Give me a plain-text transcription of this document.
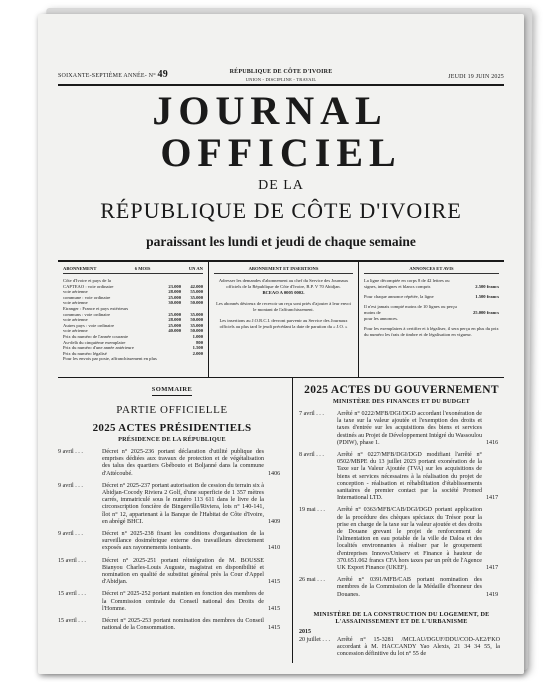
SOIXANTE-SEPTIÈME ANNÉE- N° 49	RÉPUBLIQUE DE CÔTE D'IVOIRE
UNION - DISCIPLINE - TRAVAIL	JEUDI 19 JUIN 2025
JOURNALOFFICIEL
DE LA
RÉPUBLIQUE DE CÔTE D'IVOIRE
paraissant les lundi et jeudi de chaque semaine
ABONNEMENT	6 MOIS	UN AN
Côte d'Ivoire et pays de la
CAPTEAO : voie ordinaire	23.000	42.000
voie aérienne	28.000	55.000
commune : voie ordinaire	25.000	35.000
voie aérienne	30.000	50.000
Etranger : France et pays extérieurs
communs : voie ordinaire	25.000	35.000
voie aérienne	28.000	50.000
Autres pays : voie ordinaire	25.000	35.000
voie aérienne	40.000	50.000
Prix du numéro de l'année courante	1.000
Au-delà du cinquième exemplaire	800
Prix du numéro d'une année antérieure	1.500
Prix du numéro légalisé	2.000
Pour les envois par poste, affranchissement en plus
ABONNEMENT ET INSERTIONS
Adresser les demandes d'abonnement au chef du Service des Journaux officiels de la République de Côte d'Ivoire, B.P. V 70 Abidjan.
BCEAO A 0005 0002.
Les abonnés désireux de recevoir un reçu sont priés d'ajouter à leur envoi le montant de l'affranchissement.
Les insertions au J.O.R.C.I. devront parvenir au Service des Journaux officiels au plus tard le jeudi précédant la date de parution du « J.O. »
ANNONCES ET AVIS
La ligne décomptée en corps 8 de 42 lettres ou signes, interlignes et blancs compris	2.500 francs
Pour chaque annonce répétée, la ligne	1.500 francs
Il n'est jamais compté moins de 10 lignes ou perçu moins de	25.000 francs
pour les annonces.
Pour les exemplaires à certifier et à légaliser, il sera perçu en plus du prix du numéro les frais de timbre et de légalisation en vigueur.
SOMMAIRE
PARTIE OFFICIELLE
2025 ACTES PRÉSIDENTIELS
PRÉSIDENCE DE LA RÉPUBLIQUE
9 avril . . .	Décret n° 2025-236 portant déclaration d'utilité publique des emprises dédiées aux travaux de protection et de végétalisation des talus des quartiers Gbébouto et Boljanné dans la commune d'Attécoubé.	1406
9 avril . . .	Décret n° 2025-237 portant autorisation de cession du terrain six à Abidjan-Cocody Riviera 2 Golf, d'une superficie de 1 357 mètres carrés, immatriculé sous le numéro 113 611 dans le livre de la circonscription foncière de Bingerville/Riviera, lots n° 140-141, îlot n° 12, appartenant à la Banque de l'Habitat de Côte d'Ivoire, en abrégé BHCI.	1409
9 avril . . .	Décret n° 2025-238 fixant les conditions d'organisation de la surveillance dosimétrique externe des travailleurs directement exposés aux rayonnements ionisants.	1410
15 avril . . .	Décret n° 2025-251 portant réintégration de M. BOUSSE Bianyou Charles-Louis Auguste, magistrat en disponibilité et nomination en qualité de substitut général près la Cour d'Appel d'Abidjan.	1415
15 avril . . .	Décret n° 2025-252 portant maintien en fonction des membres de la Commission centrale du Conseil national des Droits de l'Homme.	1415
15 avril . . .	Décret n° 2025-253 portant nomination des membres du Conseil national de la Consommation.	1415
2025 ACTES DU GOUVERNEMENT
MINISTÈRE DES FINANCES ET DU BUDGET
7 avril . . .	Arrêté n° 0222/MFB/DGI/DGD accordant l'exonération de la taxe sur la valeur ajoutée et l'exemption des droits et taxes d'entrée sur les acquisitions des biens et services destinés au Projet de Développement Intégré du Wassoulou (PDIW), phase 1.	1416
8 avril . . .	Arrêté n° 0227/MFB/DGI/DGD modifiant l'arrêté n° 0502/MBPE du 13 juillet 2023 portant exonération de la Taxe sur la Valeur Ajoutée (TVA) sur les acquisitions de biens et services nécessaires à la réalisation du projet de conception - réalisation et réhabilitation d'établissements sanitaires de premier contact par la société Promed International LTD.	1417
19 mai . . .	Arrêté n° 0363/MFB/CAB/DGI/DGD portant application de la procédure des chèques spéciaux du Trésor pour la prise en charge de la taxe sur la valeur ajoutée et des droits de Douane grevant le projet de renforcement de l'alimentation en eau potable de la ville de Daloa et des localités environnantes à réaliser par le groupement d'entreprises Innovo/Uniserv et Finance à hauteur de 370.651.062 francs CFA hors taxes par un prêt de l'Agence UK Export Finance (UKEF).	1417
26 mai . . .	Arrêté n° 0391/MFB/CAB portant nomination des membres de la Commission de la Médaille d'honneur des Douanes.	1419
MINISTÈRE DE LA CONSTRUCTION DU LOGEMENT, DE L'ASSAINISSEMENT ET DE L'URBANISME
2015
20 juillet . . .	Arrêté n° 15-3281 /MCLAU/DGUF/DDU/COD-AE2/FKO accordant à M. HACCANDY Yao Alexis, 21 34 34 55, la concession définitive du lot n° 55 de
